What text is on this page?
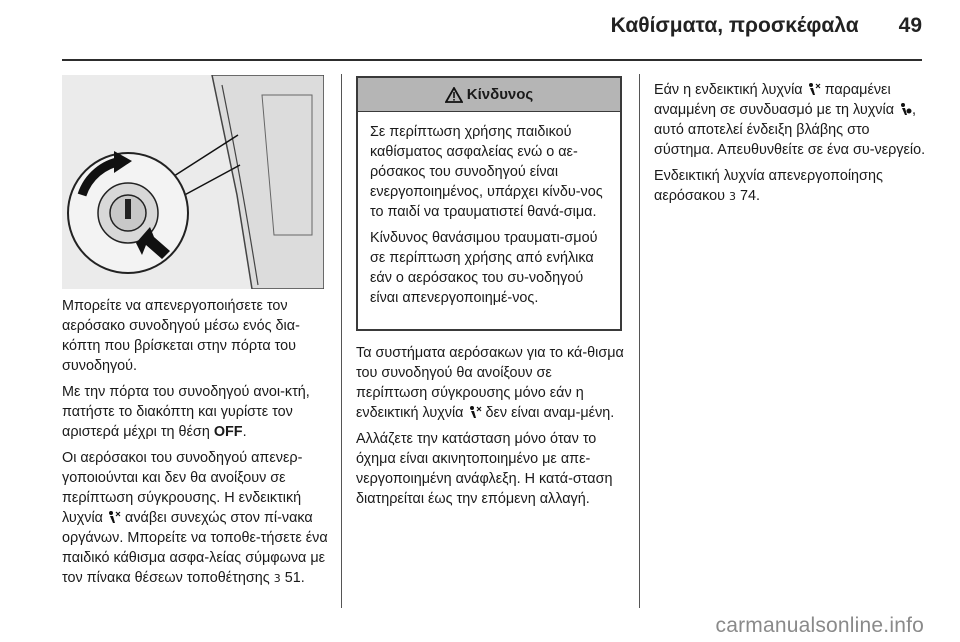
Καθίσματα, προσκέφαλα 49

Μπορείτε να απενεργοποιήσετε τον αερόσακο συνοδηγού μέσω ενός δια-κόπτη που βρίσκεται στην πόρτα του συνοδηγού.

Με την πόρτα του συνοδηγού ανοι-κτή, πατήστε το διακόπτη και γυρίστε τον αριστερά μέχρι τη θέση OFF.

Οι αερόσακοι του συνοδηγού απενερ-γοποιούνται και δεν θα ανοίξουν σε περίπτωση σύγκρουσης. Η ενδεικτική λυχνία  ανάβει συνεχώς στον πί-νακα οργάνων. Μπορείτε να τοποθε-τήσετε ένα παιδικό κάθισμα ασφα-λείας σύμφωνα με τον πίνακα θέσεων τοποθέτησης 3 51.

Κίνδυνος

Σε περίπτωση χρήσης παιδικού καθίσματος ασφαλείας ενώ ο αε-ρόσακος του συνοδηγού είναι ενεργοποιημένος, υπάρχει κίνδυ-νος το παιδί να τραυματιστεί θανά-σιμα.

Κίνδυνος θανάσιμου τραυματι-σμού σε περίπτωση χρήσης από ενήλικα εάν ο αερόσακος του συ-νοδηγού είναι απενεργοποιημέ-νος.

Τα συστήματα αερόσακων για το κά-θισμα του συνοδηγού θα ανοίξουν σε περίπτωση σύγκρουσης μόνο εάν η ενδεικτική λυχνία  δεν είναι αναμ-μένη.

Αλλάζετε την κατάσταση μόνο όταν το όχημα είναι ακινητοποιημένο με απε-νεργοποιημένη ανάφλεξη. Η κατά-σταση διατηρείται έως την επόμενη αλλαγή.

Εάν η ενδεικτική λυχνία  παραμένει αναμμένη σε συνδυασμό με τη λυχνία , αυτό αποτελεί ένδειξη βλάβης στο σύστημα. Απευθυνθείτε σε ένα συ-νεργείο.

Ενδεικτική λυχνία απενεργοποίησης αερόσακου 3 74.

carmanualsonline.info
